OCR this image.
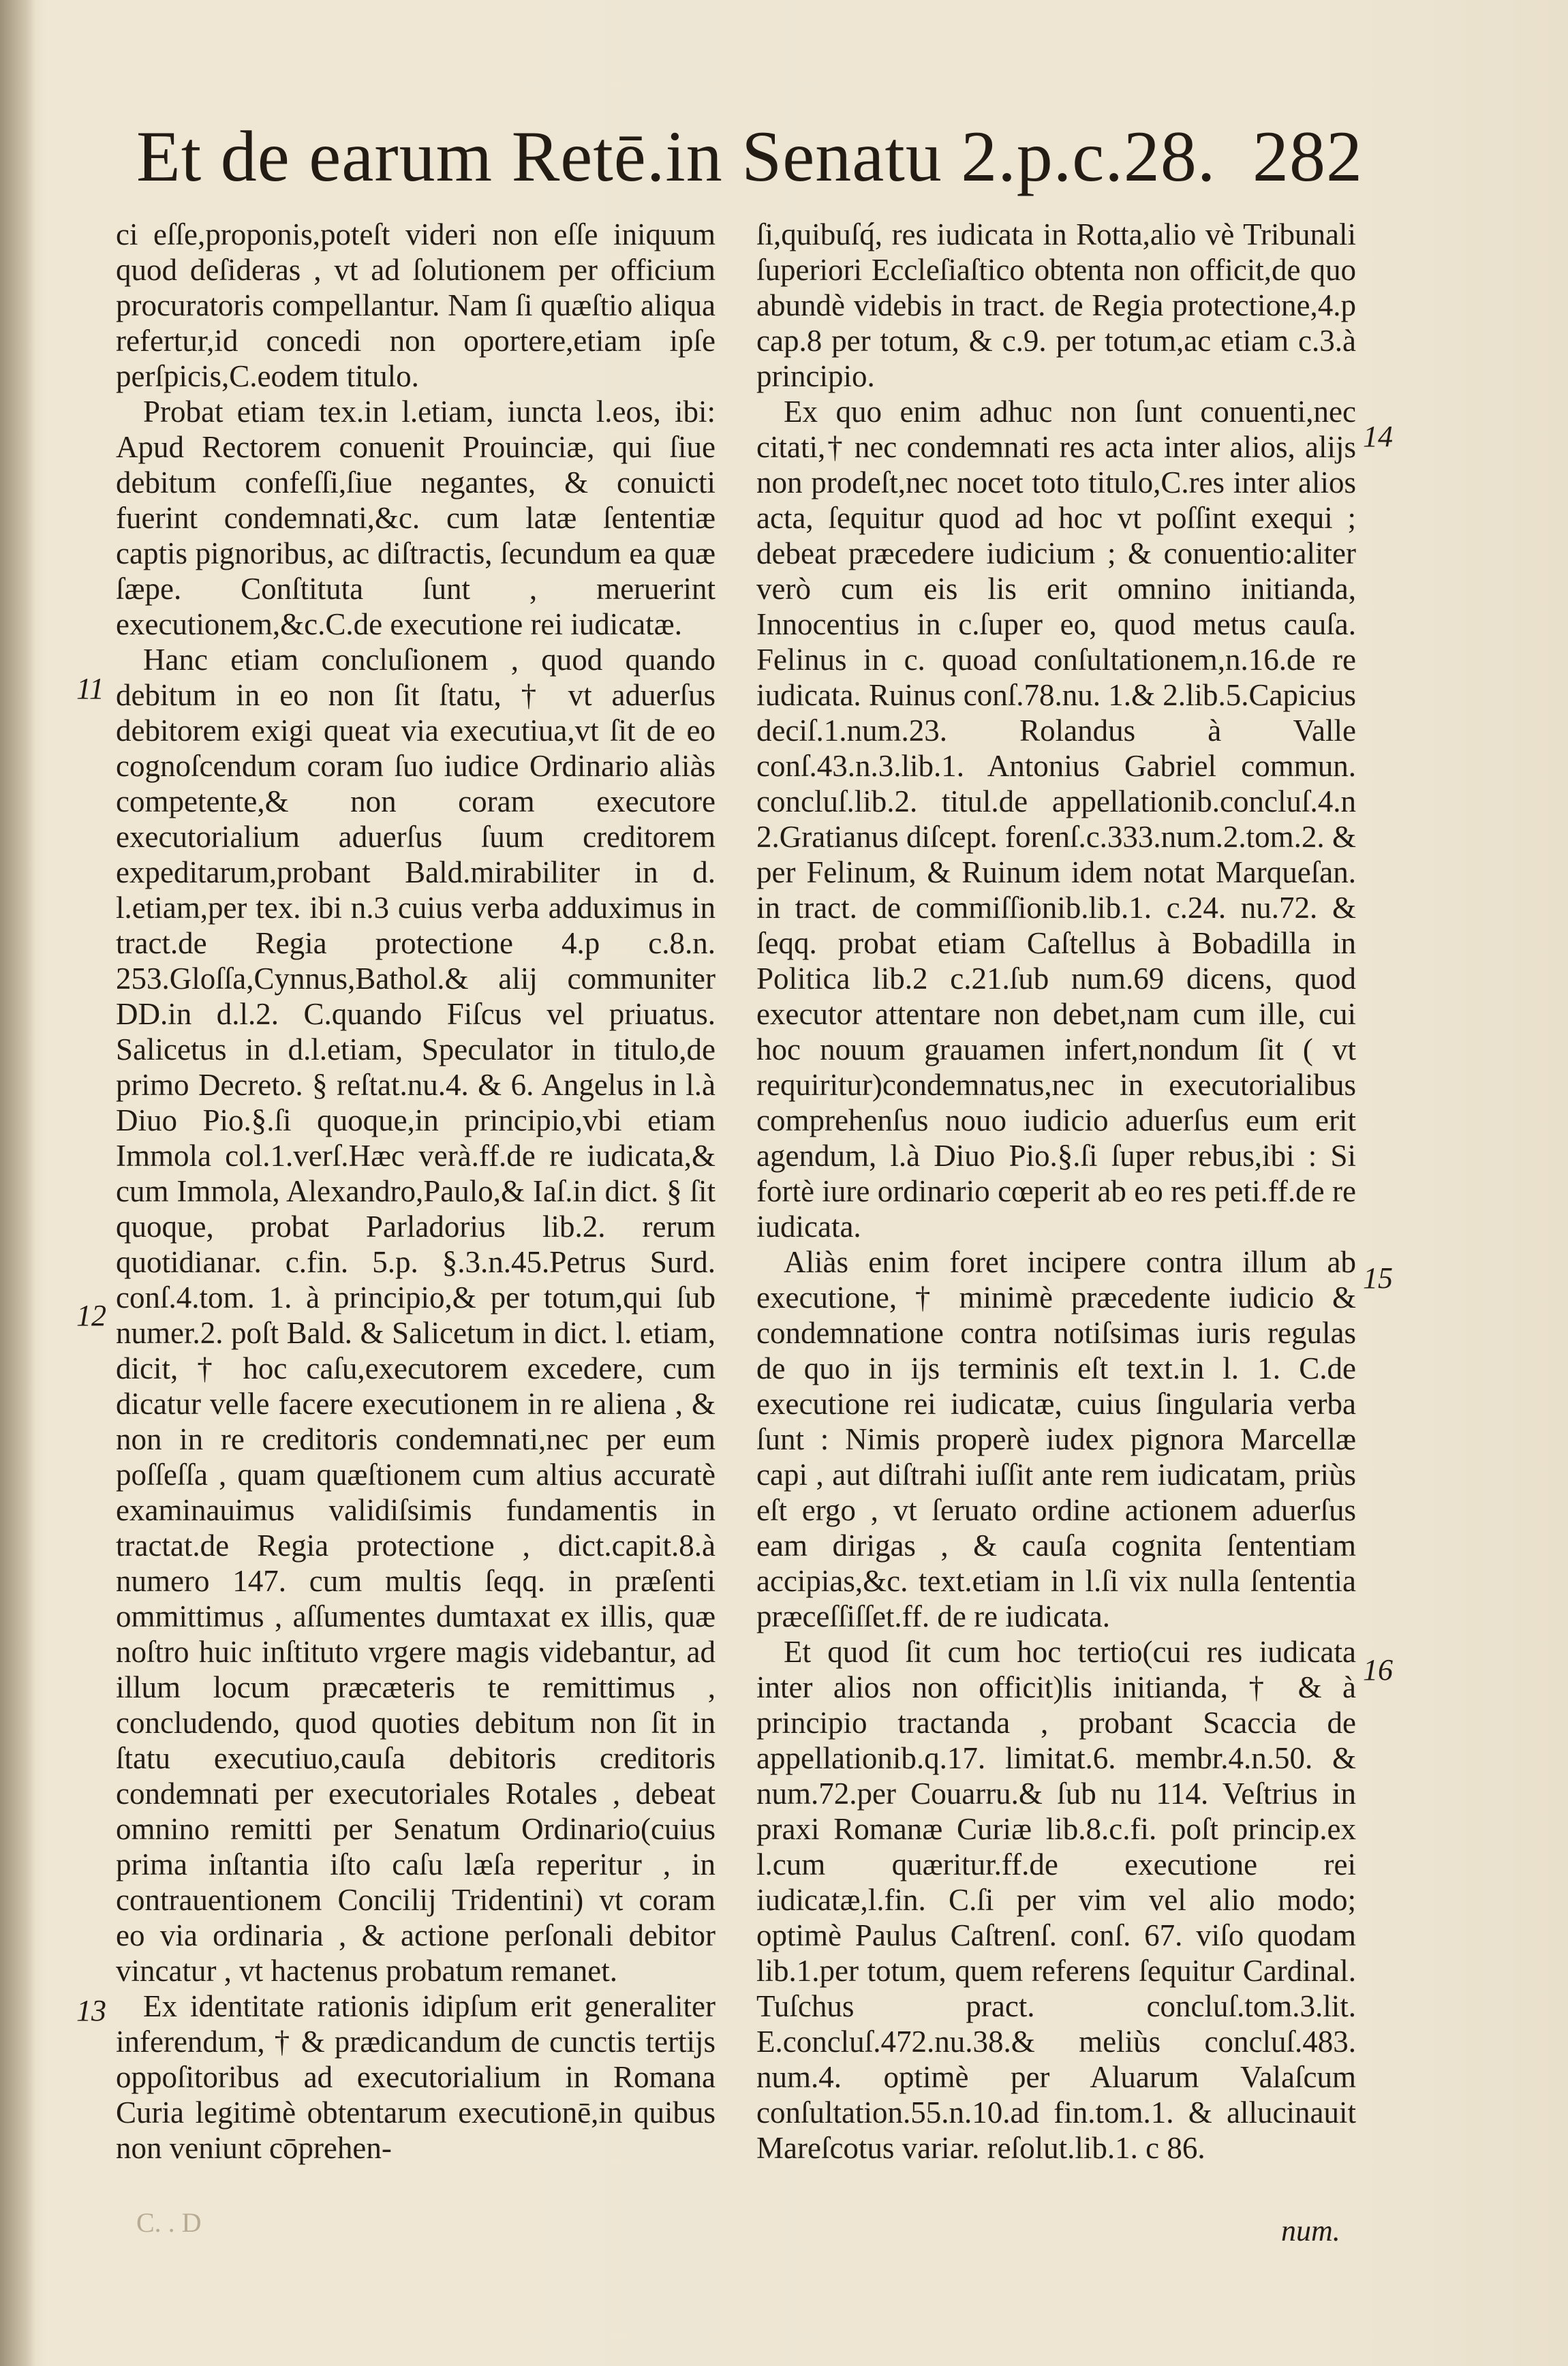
Et de earum Retē.in Senatu 2.p.c.28. 282

ci eſſe,proponis,poteſt videri non eſſe iniquum quod deſideras , vt ad ſolutionem per officium procuratoris compellantur. Nam ſi quæſtio aliqua refertur,id concedi non oportere,etiam ipſe perſpicis,C.eodem titulo.

Probat etiam tex.in l.etiam, iuncta l.eos, ibi: Apud Rectorem conuenit Prouinciæ, qui ſiue debitum confeſſi,ſiue negantes, & conuicti fuerint condemnati,&c. cum latæ ſententiæ captis pignoribus, ac diſtractis, ſecundum ea quæ ſæpe. Conſtituta ſunt , meruerint executionem,&c.C.de executione rei iudicatæ.

Hanc etiam concluſionem , quod quando debitum in eo non ſit ſtatu, † vt aduerſus debitorem exigi queat via executiua,vt ſit de eo cognoſcendum coram ſuo iudice Ordinario aliàs competente,& non coram executore executorialium aduerſus ſuum creditorem expeditarum,probant Bald.mirabiliter in d. l.etiam,per tex. ibi n.3 cuius verba adduximus in tract.de Regia protectione 4.p c.8.n. 253.Gloſſa,Cynnus,Bathol.& alij communiter DD.in d.l.2. C.quando Fiſcus vel priuatus. Salicetus in d.l.etiam, Speculator in titulo,de primo Decreto. § reſtat.nu.4. & 6. Angelus in l.à Diuo Pio.§.ſi quoque,in principio,vbi etiam Immola col.1.verſ.Hæc verà.ff.de re iudicata,& cum Immola, Alexandro,Paulo,& Iaſ.in dict. § ſit quoque, probat Parladorius lib.2. rerum quotidianar. c.fin. 5.p. §.3.n.45.Petrus Surd. conſ.4.tom. 1. à principio,& per totum,qui ſub numer.2. poſt Bald. & Salicetum in dict. l. etiam, dicit, † hoc caſu,executorem excedere, cum dicatur velle facere executionem in re aliena , & non in re creditoris condemnati,nec per eum poſſeſſa , quam quæſtionem cum altius accuratè examinauimus validiſsimis fundamentis in tractat.de Regia protectione , dict.capit.8.à numero 147. cum multis ſeqq. in præſenti ommittimus , aſſumentes dumtaxat ex illis, quæ noſtro huic inſtituto vrgere magis videbantur, ad illum locum præcæteris te remittimus , concludendo, quod quoties debitum non ſit in ſtatu executiuo,cauſa debitoris creditoris condemnati per executoriales Rotales , debeat omnino remitti per Senatum Ordinario(cuius prima inſtantia iſto caſu læſa reperitur , in contrauentionem Concilij Tridentini) vt coram eo via ordinaria , & actione perſonali debitor vincatur , vt hactenus probatum remanet.

Ex identitate rationis idipſum erit generaliter inferendum, † & prædicandum de cunctis tertijs oppoſitoribus ad executorialium in Romana Curia legitimè obtentarum executionē,in quibus non veniunt cōprehen-

ſi,quibuſq́, res iudicata in Rotta,alio vè Tribunali ſuperiori Eccleſiaſtico obtenta non officit,de quo abundè videbis in tract. de Regia protectione,4.p cap.8 per totum, & c.9. per totum,ac etiam c.3.à principio.

Ex quo enim adhuc non ſunt conuenti,nec citati,† nec condemnati res acta inter alios, alijs non prodeſt,nec nocet toto titulo,C.res inter alios acta, ſequitur quod ad hoc vt poſſint exequi ; debeat præcedere iudicium ; & conuentio:aliter verò cum eis lis erit omnino initianda, Innocentius in c.ſuper eo, quod metus cauſa. Felinus in c. quoad conſultationem,n.16.de re iudicata. Ruinus conſ.78.nu. 1.& 2.lib.5.Capicius deciſ.1.num.23. Rolandus à Valle conſ.43.n.3.lib.1. Antonius Gabriel commun. concluſ.lib.2. titul.de appellationib.concluſ.4.n 2.Gratianus diſcept. forenſ.c.333.num.2.tom.2. & per Felinum, & Ruinum idem notat Marqueſan. in tract. de commiſſionib.lib.1. c.24. nu.72. & ſeqq. probat etiam Caſtellus à Bobadilla in Politica lib.2 c.21.ſub num.69 dicens, quod executor attentare non debet,nam cum ille, cui hoc nouum grauamen infert,nondum ſit ( vt requiritur)condemnatus,nec in executorialibus comprehenſus nouo iudicio aduerſus eum erit agendum, l.à Diuo Pio.§.ſi ſuper rebus,ibi : Si fortè iure ordinario cœperit ab eo res peti.ff.de re iudicata.

Aliàs enim foret incipere contra illum ab executione, † minimè præcedente iudicio & condemnatione contra notiſsimas iuris regulas de quo in ijs terminis eſt text.in l. 1. C.de executione rei iudicatæ, cuius ſingularia verba ſunt : Nimis properè iudex pignora Marcellæ capi , aut diſtrahi iuſſit ante rem iudicatam, priùs eſt ergo , vt ſeruato ordine actionem aduerſus eam dirigas , & cauſa cognita ſententiam accipias,&c. text.etiam in l.ſi vix nulla ſententia præceſſiſſet.ff. de re iudicata.

Et quod ſit cum hoc tertio(cui res iudicata inter alios non officit)lis initianda, † & à principio tractanda , probant Scaccia de appellationib.q.17. limitat.6. membr.4.n.50. & num.72.per Couarru.& ſub nu 114. Veſtrius in praxi Romanæ Curiæ lib.8.c.fi. poſt princip.ex l.cum quæritur.ff.de executione rei iudicatæ,l.fin. C.ſi per vim vel alio modo; optimè Paulus Caſtrenſ. conſ. 67. viſo quodam lib.1.per totum, quem referens ſequitur Cardinal. Tuſchus pract. concluſ.tom.3.lit. E.concluſ.472.nu.38.& meliùs concluſ.483. num.4. optimè per Aluarum Valaſcum conſultation.55.n.10.ad fin.tom.1. & allucinauit Mareſcotus variar. reſolut.lib.1. c 86.

11
12
13
14
15
16
C. . D	num.
